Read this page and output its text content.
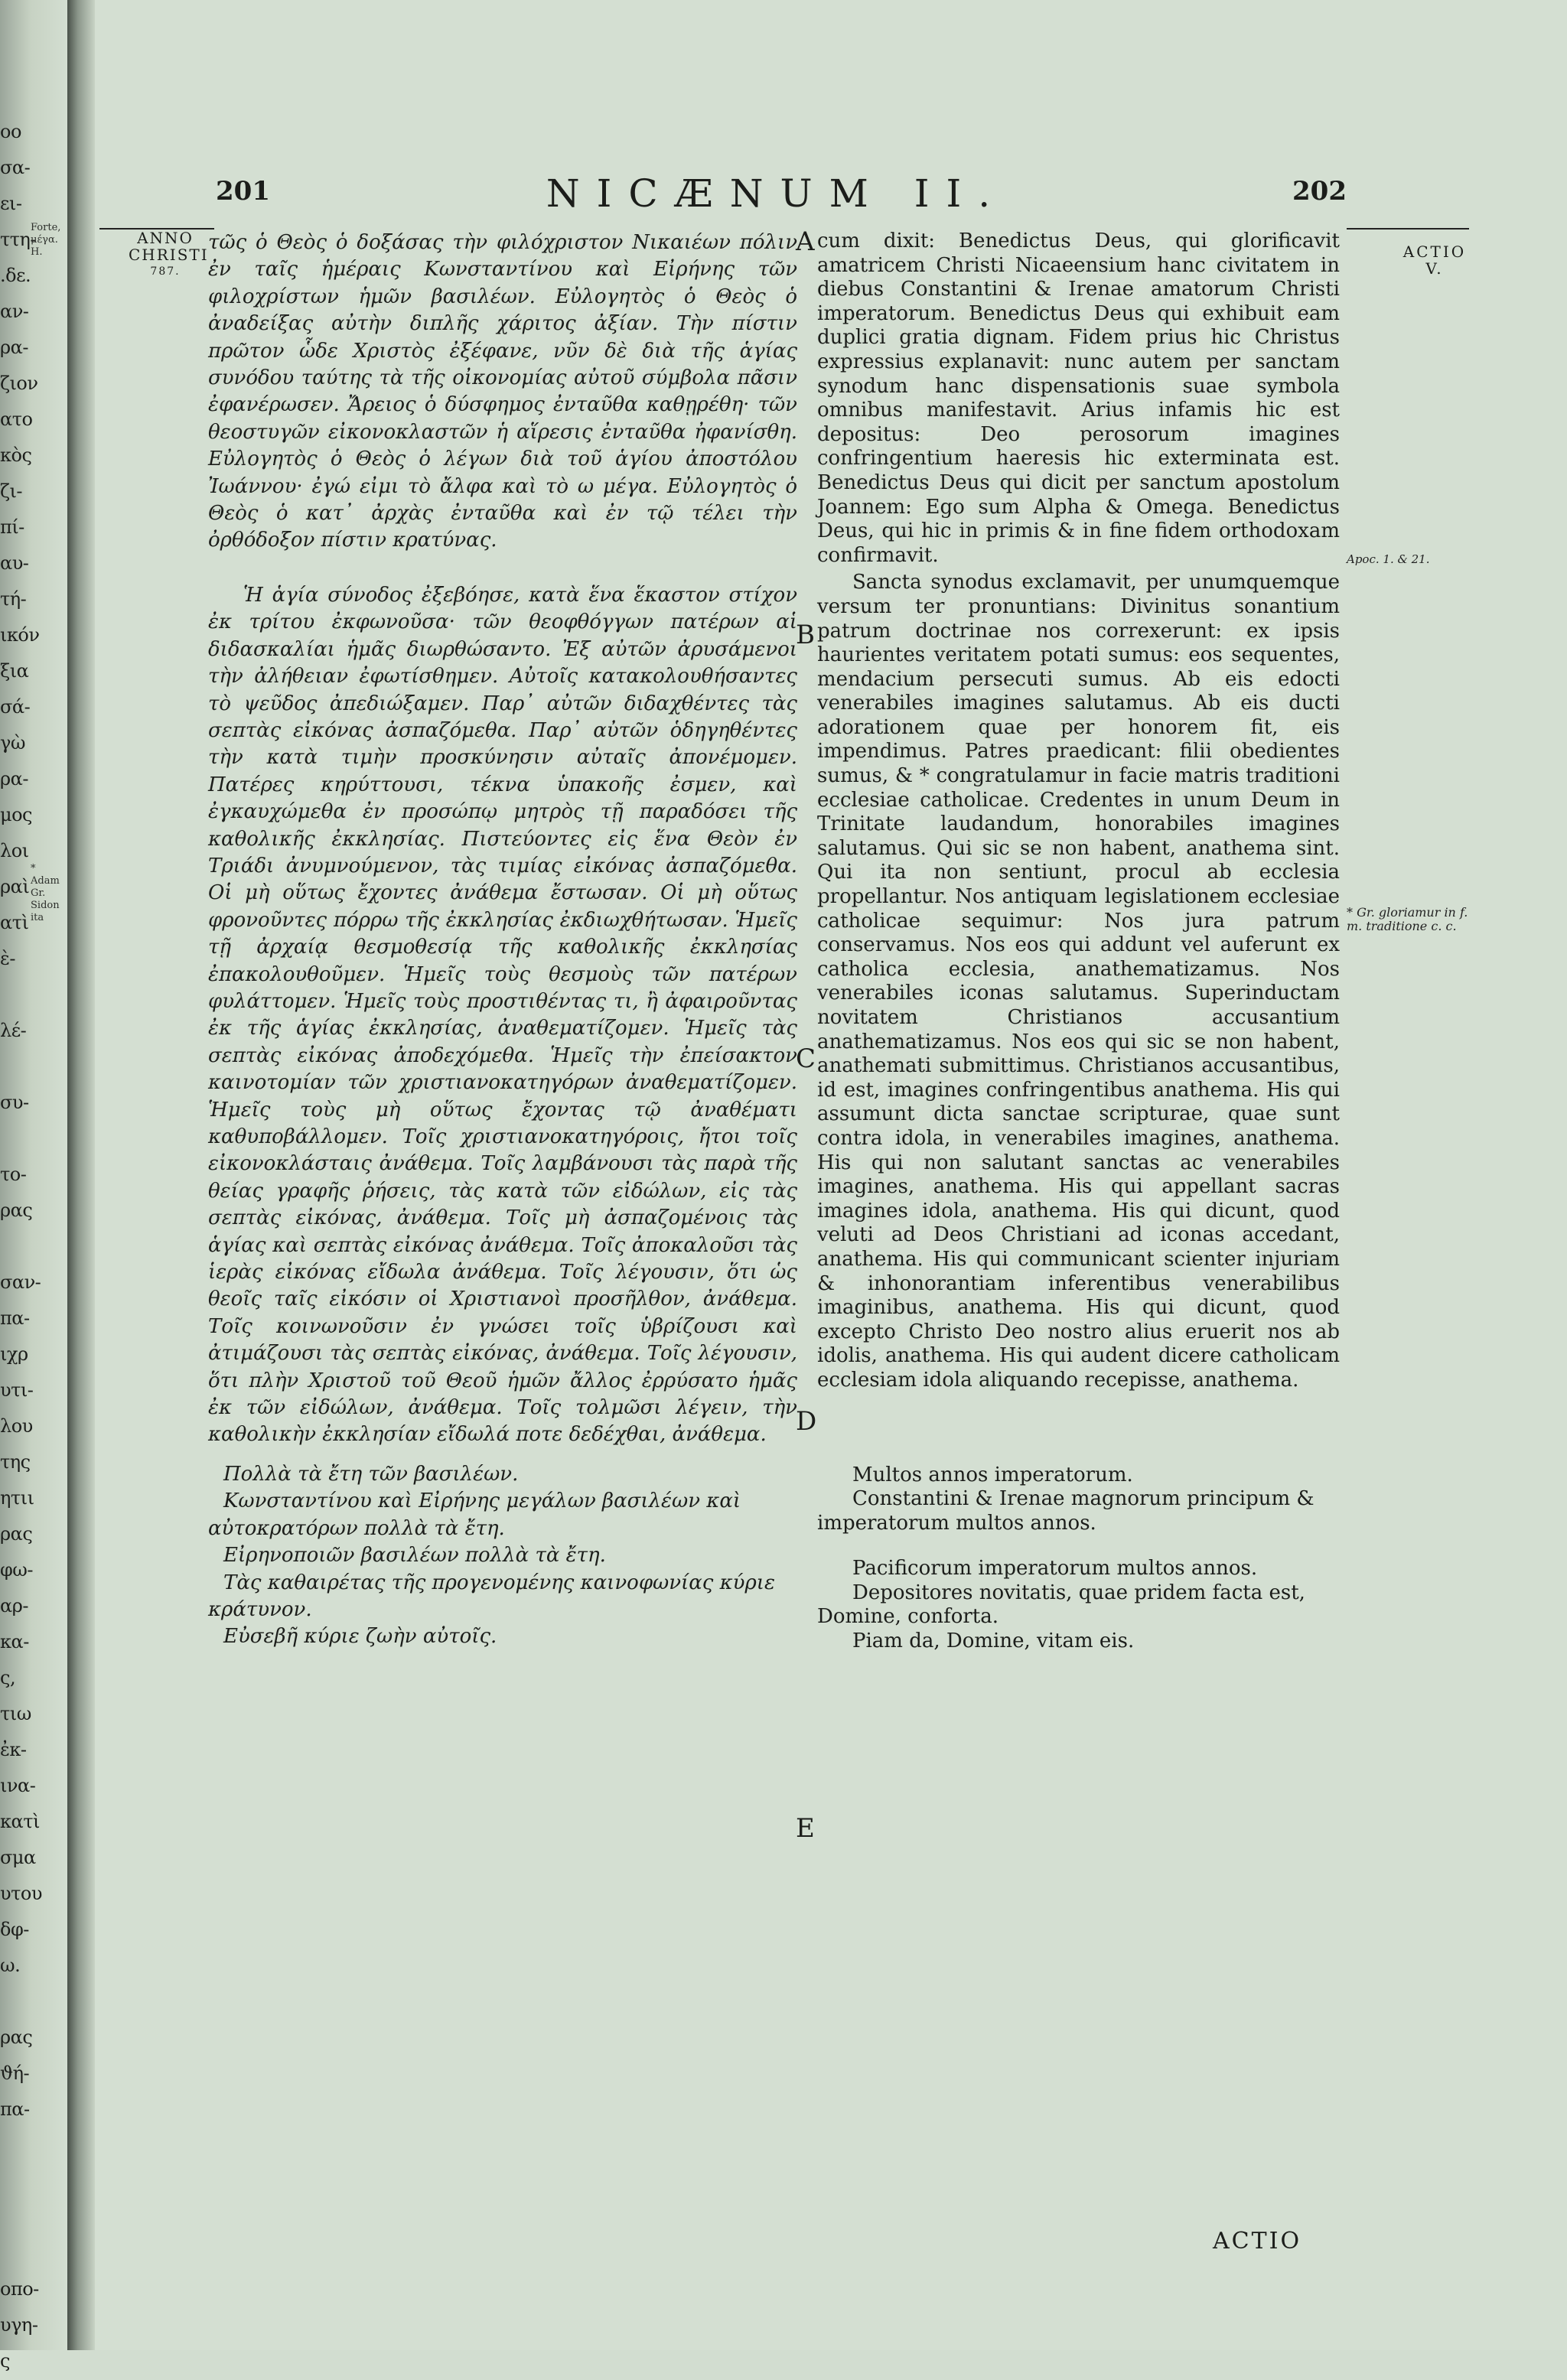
οο
σα-
ει-
ττη-
.δε.
αν-
ρα-
ζιον
ατο
κὸς
ζι-
πί-
αυ-
τή-
ικόν
ξια
σά-
γὼ
ρα-
μος
λοι
ραὶ
ατὶ
ὲ-
λέ-
συ-
το-
ρας
σαν-
πα-
ιχρ
υτι-
λου
της
ητιι
ρας
φω-
αρ-
κα-
ς,
τιω
ἐκ-
ινα-
κατὶ
σμα
υτου
δφ-
ω.
ρας
ϑή-
πα-
οπο-
υγη-
ς
Forte, μέγα. H.
* Adam Gr. Sidon ita
201	NICÆNUM II.	202
ANNO
CHRISTI
787.
ACTIO
V.

τῶς ὁ Θεὸς ὁ δοξάσας τὴν φιλόχριστον Νικαιέων πόλιν ἐν ταῖς ἡμέραις Κωνσταντίνου καὶ Εἰρήνης τῶν φιλοχρίστων ἡμῶν βασιλέων. Εὐλογητὸς ὁ Θεὸς ὁ ἀναδείξας αὐτὴν διπλῆς χάριτος ἀξίαν. Τὴν πίστιν πρῶτον ὧδε Χριστὸς ἐξέφανε, νῦν δὲ διὰ τῆς ἁγίας συνόδου ταύτης τὰ τῆς οἰκονομίας αὐτοῦ σύμβολα πᾶσιν ἐφανέρωσεν. Ἄρειος ὁ δύσφημος ἐνταῦθα καθῃρέθη· τῶν θεοστυγῶν εἰκονοκλαστῶν ἡ αἵρεσις ἐνταῦθα ἠφανίσθη. Εὐλογητὸς ὁ Θεὸς ὁ λέγων διὰ τοῦ ἁγίου ἀποστόλου Ἰωάννου· ἐγώ εἰμι τὸ ἄλφα καὶ τὸ ω μέγα. Εὐλογητὸς ὁ Θεὸς ὁ κατ᾽ ἀρχὰς ἐνταῦθα καὶ ἐν τῷ τέλει τὴν ὀρθόδοξον πίστιν κρατύνας.

Ἡ ἁγία σύνοδος ἐξεβόησε, κατὰ ἕνα ἕκαστον στίχον ἐκ τρίτου ἐκφωνοῦσα· τῶν θεοφθόγγων πατέρων αἱ διδασκαλίαι ἡμᾶς διωρθώσαντο. Ἐξ αὐτῶν ἀρυσάμενοι τὴν ἀλήθειαν ἐφωτίσθημεν. Αὐτοῖς κατακολουθήσαντες τὸ ψεῦδος ἀπεδιώξαμεν. Παρ᾽ αὐτῶν διδαχθέντες τὰς σεπτὰς εἰκόνας ἀσπαζόμεθα. Παρ᾽ αὐτῶν ὁδηγηθέντες τὴν κατὰ τιμὴν προσκύνησιν αὐταῖς ἀπονέμομεν. Πατέρες κηρύττουσι, τέκνα ὑπακοῆς ἐσμεν, καὶ ἐγκαυχώμεθα ἐν προσώπῳ μητρὸς τῇ παραδόσει τῆς καθολικῆς ἐκκλησίας. Πιστεύοντες εἰς ἕνα Θεὸν ἐν Τριάδι ἀνυμνούμενον, τὰς τιμίας εἰκόνας ἀσπαζόμεθα. Οἱ μὴ οὕτως ἔχοντες ἀνάθεμα ἔστωσαν. Οἱ μὴ οὕτως φρονοῦντες πόρρω τῆς ἐκκλησίας ἐκδιωχθήτωσαν. Ἡμεῖς τῇ ἀρχαίᾳ θεσμοθεσίᾳ τῆς καθολικῆς ἐκκλησίας ἐπακολουθοῦμεν. Ἡμεῖς τοὺς θεσμοὺς τῶν πατέρων φυλάττομεν. Ἡμεῖς τοὺς προστιθέντας τι, ἢ ἀφαιροῦντας ἐκ τῆς ἁγίας ἐκκλησίας, ἀναθεματίζομεν. Ἡμεῖς τὰς σεπτὰς εἰκόνας ἀποδεχόμεθα. Ἡμεῖς τὴν ἐπείσακτον καινοτομίαν τῶν χριστιανοκατηγόρων ἀναθεματίζομεν. Ἡμεῖς τοὺς μὴ οὕτως ἔχοντας τῷ ἀναθέματι καθυποβάλλομεν. Τοῖς χριστιανοκατηγόροις, ἤτοι τοῖς εἰκονοκλάσταις ἀνάθεμα. Τοῖς λαμβάνουσι τὰς παρὰ τῆς θείας γραφῆς ῥήσεις, τὰς κατὰ τῶν εἰδώλων, εἰς τὰς σεπτὰς εἰκόνας, ἀνάθεμα. Τοῖς μὴ ἀσπαζομένοις τὰς ἁγίας καὶ σεπτὰς εἰκόνας ἀνάθεμα. Τοῖς ἀποκαλοῦσι τὰς ἱερὰς εἰκόνας εἴδωλα ἀνάθεμα. Τοῖς λέγουσιν, ὅτι ὡς θεοῖς ταῖς εἰκόσιν οἱ Χριστιανοὶ προσῆλθον, ἀνάθεμα. Τοῖς κοινωνοῦσιν ἐν γνώσει τοῖς ὑβρίζουσι καὶ ἀτιμάζουσι τὰς σεπτὰς εἰκόνας, ἀνάθεμα. Τοῖς λέγουσιν, ὅτι πλὴν Χριστοῦ τοῦ Θεοῦ ἡμῶν ἄλλος ἐρρύσατο ἡμᾶς ἐκ τῶν εἰδώλων, ἀνάθεμα. Τοῖς τολμῶσι λέγειν, τὴν καθολικὴν ἐκκλησίαν εἴδωλά ποτε δεδέχθαι, ἀνάθεμα.

Πολλὰ τὰ ἔτη τῶν βασιλέων.

Κωνσταντίνου καὶ Εἰρήνης μεγάλων βασιλέων καὶ αὐτοκρατόρων πολλὰ τὰ ἔτη.

Εἰρηνοποιῶν βασιλέων πολλὰ τὰ ἔτη.

Τὰς καθαιρέτας τῆς προγενομένης καινοφωνίας κύριε κράτυνον.

Εὐσεβῆ κύριε ζωὴν αὐτοῖς.

A
B
C
D
E

cum dixit: Benedictus Deus, qui glorificavit amatricem Christi Nicaeensium hanc civitatem in diebus Constantini & Irenae amatorum Christi imperatorum. Benedictus Deus qui exhibuit eam duplici gratia dignam. Fidem prius hic Christus expressius explanavit: nunc autem per sanctam synodum hanc dispensationis suae symbola omnibus manifestavit. Arius infamis hic est depositus: Deo perosorum imagines confringentium haeresis hic exterminata est. Benedictus Deus qui dicit per sanctum apostolum Joannem: Ego sum Alpha & Omega. Benedictus Deus, qui hic in primis & in fine fidem orthodoxam confirmavit.

Sancta synodus exclamavit, per unumquemque versum ter pronuntians: Divinitus sonantium patrum doctrinae nos correxerunt: ex ipsis haurientes veritatem potati sumus: eos sequentes, mendacium persecuti sumus. Ab eis edocti venerabiles imagines salutamus. Ab eis ducti adorationem quae per honorem fit, eis impendimus. Patres praedicant: filii obedientes sumus, & * congratulamur in facie matris traditioni ecclesiae catholicae. Credentes in unum Deum in Trinitate laudandum, honorabiles imagines salutamus. Qui sic se non habent, anathema sint. Qui ita non sentiunt, procul ab ecclesia propellantur. Nos antiquam legislationem ecclesiae catholicae sequimur: Nos jura patrum conservamus. Nos eos qui addunt vel auferunt ex catholica ecclesia, anathematizamus. Nos venerabiles iconas salutamus. Superinductam novitatem Christianos accusantium anathematizamus. Nos eos qui sic se non habent, anathemati submittimus. Christianos accusantibus, id est, imagines confringentibus anathema. His qui assumunt dicta sanctae scripturae, quae sunt contra idola, in venerabiles imagines, anathema. His qui non salutant sanctas ac venerabiles imagines, anathema. His qui appellant sacras imagines idola, anathema. His qui dicunt, quod veluti ad Deos Christiani ad iconas accedant, anathema. His qui communicant scienter injuriam & inhonorantiam inferentibus venerabilibus imaginibus, anathema. His qui dicunt, quod excepto Christo Deo nostro alius eruerit nos ab idolis, anathema. His qui audent dicere catholicam ecclesiam idola aliquando recepisse, anathema.

Multos annos imperatorum.

Constantini & Irenae magnorum principum & imperatorum multos annos.

Pacificorum imperatorum multos annos.

Depositores novitatis, quae pridem facta est, Domine, conforta.

Piam da, Domine, vitam eis.

Apoc. 1. & 21.
* Gr. gloriamur in f. m. traditione c. c.
ACTIO
